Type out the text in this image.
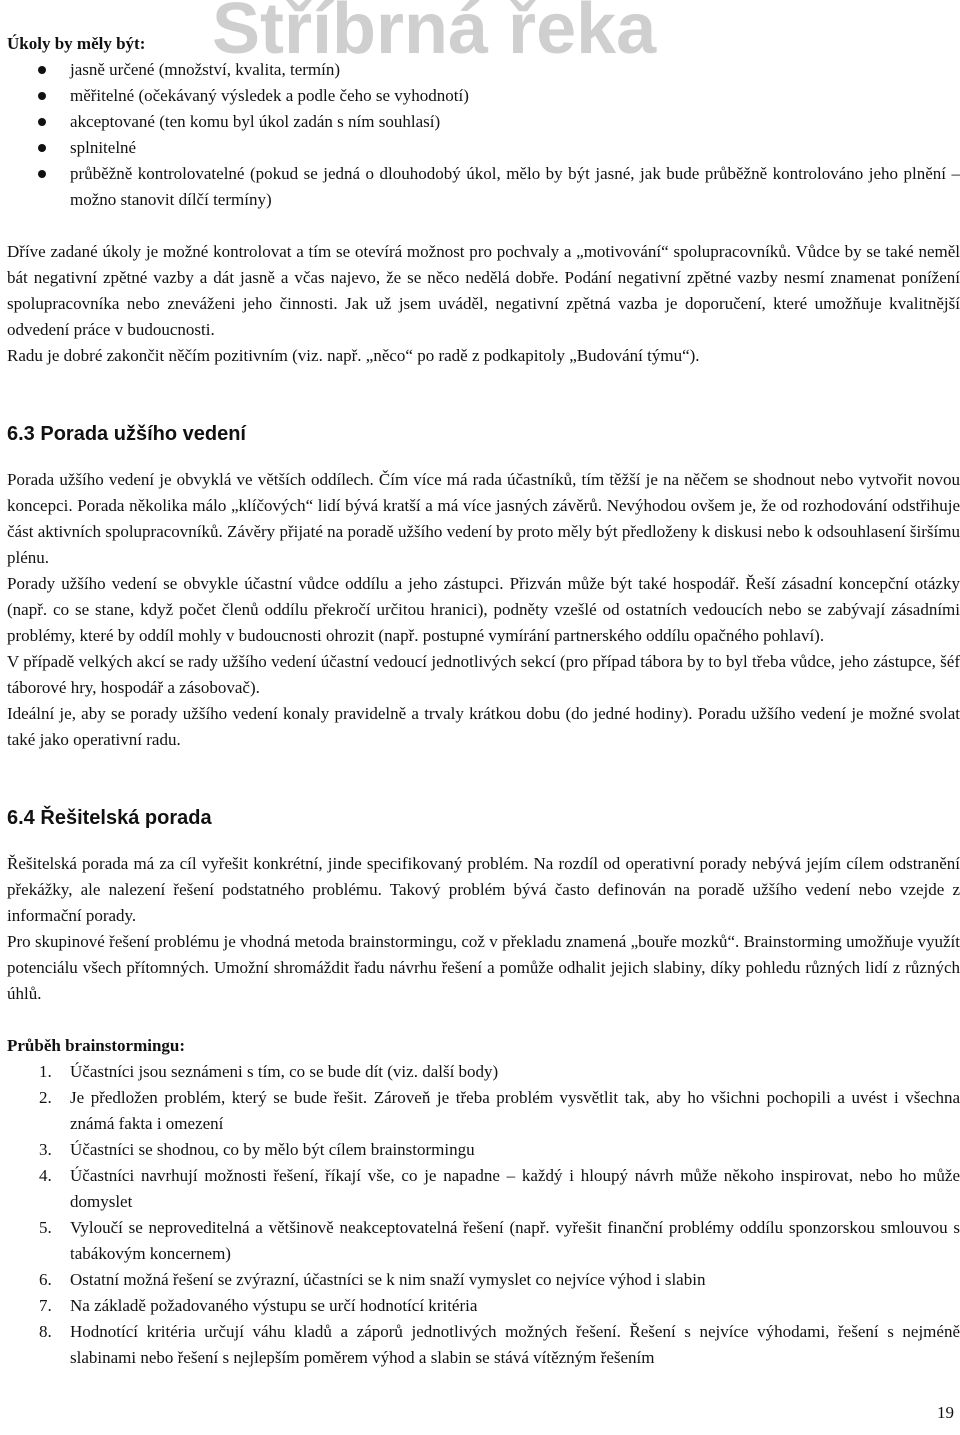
Stříbrná řeka
Úkoly by měly být:
jasně určené (množství, kvalita, termín)
měřitelné (očekávaný výsledek a podle čeho se vyhodnotí)
akceptované (ten komu byl úkol zadán s ním souhlasí)
splnitelné
průběžně kontrolovatelné (pokud se jedná o dlouhodobý úkol, mělo by být jasné, jak bude průběžně kontrolováno jeho plnění – možno stanovit dílčí termíny)

Dříve zadané úkoly je možné kontrolovat a tím se otevírá možnost pro pochvaly a „motivování“ spolupracovníků. Vůdce by se také neměl bát negativní zpětné vazby a dát jasně a včas najevo, že se něco nedělá dobře. Podání negativní zpětné vazby nesmí znamenat ponížení spolupracovníka nebo zneváženi jeho činnosti. Jak už jsem uváděl, negativní zpětná vazba je doporučení, které umožňuje kvalitnější odvedení práce v budoucnosti.

Radu je dobré zakončit něčím pozitivním (viz. např. „něco“ po radě z podkapitoly „Budování týmu“).

6.3 Porada užšího vedení

Porada užšího vedení je obvyklá ve větších oddílech. Čím více má rada účastníků, tím těžší je na něčem se shodnout nebo vytvořit novou koncepci. Porada několika málo „klíčových“ lidí bývá kratší a má více jasných závěrů. Nevýhodou ovšem je, že od rozhodování odstřihuje část aktivních spolupracovníků. Závěry přijaté na poradě užšího vedení by proto měly být předloženy k diskusi nebo k odsouhlasení širšímu plénu.

Porady užšího vedení se obvykle účastní vůdce oddílu a jeho zástupci. Přizván může být také hospodář. Řeší zásadní koncepční otázky (např. co se stane, když počet členů oddílu překročí určitou hranici), podněty vzešlé od ostatních vedoucích nebo se zabývají zásadními problémy, které by oddíl mohly v budoucnosti ohrozit (např. postupné vymírání partnerského oddílu opačného pohlaví).

V případě velkých akcí se rady užšího vedení účastní vedoucí jednotlivých sekcí (pro případ tábora by to byl třeba vůdce, jeho zástupce, šéf táborové hry, hospodář a zásobovač).

Ideální je, aby se porady užšího vedení konaly pravidelně a trvaly krátkou dobu (do jedné hodiny). Poradu užšího vedení je možné svolat také jako operativní radu.

6.4 Řešitelská porada

Řešitelská porada má za cíl vyřešit konkrétní, jinde specifikovaný problém. Na rozdíl od operativní porady nebývá jejím cílem odstranění překážky, ale nalezení řešení podstatného problému. Takový problém bývá často definován na poradě užšího vedení nebo vzejde z informační porady.

Pro skupinové řešení problému je vhodná metoda brainstormingu, což v překladu znamená „bouře mozků“. Brainstorming umožňuje využít potenciálu všech přítomných. Umožní shromáždit řadu návrhu řešení a pomůže odhalit jejich slabiny, díky pohledu různých lidí z různých úhlů.

Průběh brainstormingu:
1. Účastníci jsou seznámeni s tím, co se bude dít (viz. další body)
2. Je předložen problém, který se bude řešit. Zároveň je třeba problém vysvětlit tak, aby ho všichni pochopili a uvést i všechna známá fakta i omezení
3. Účastníci se shodnou, co by mělo být cílem brainstormingu
4. Účastníci navrhují možnosti řešení, říkají vše, co je napadne – každý i hloupý návrh může někoho inspirovat, nebo ho může domyslet
5. Vyloučí se neproveditelná a většinově neakceptovatelná řešení (např. vyřešit finanční problémy oddílu sponzorskou smlouvou s tabákovým koncernem)
6. Ostatní možná řešení se zvýrazní, účastníci se k nim snaží vymyslet co nejvíce výhod i slabin
7. Na základě požadovaného výstupu se určí hodnotící kritéria
8. Hodnotící kritéria určují váhu kladů a záporů jednotlivých možných řešení. Řešení s nejvíce výhodami, řešení s nejméně slabinami nebo řešení s nejlepším poměrem výhod a slabin se stává vítězným řešením
19
